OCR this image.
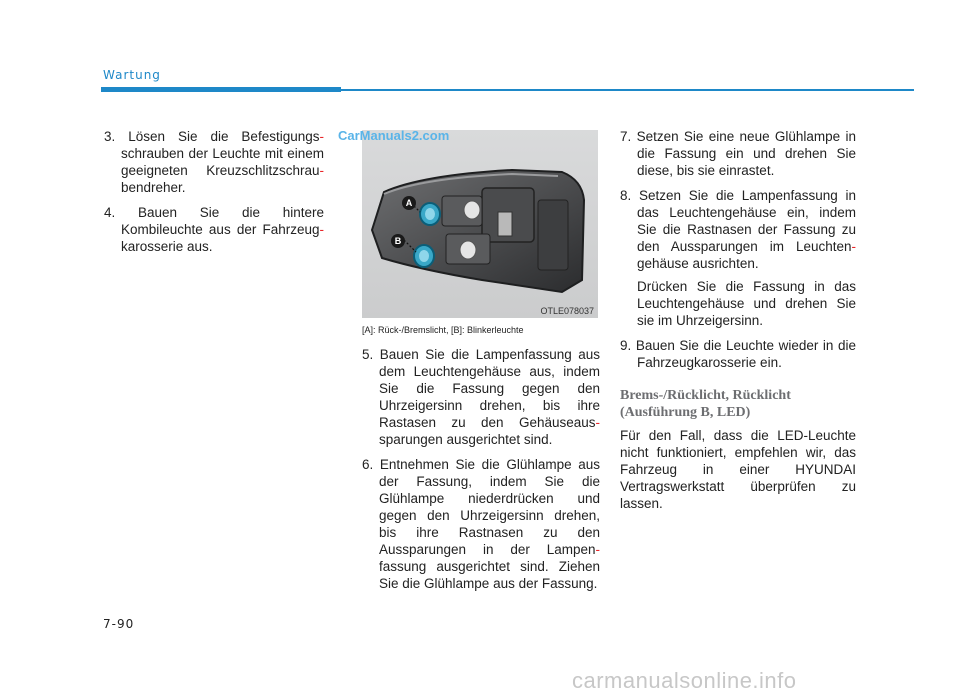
Wartung

3. Lösen Sie die Befestigungs-schrauben der Leuchte mit einem geeigneten Kreuzschlitzschrau-bendreher.

4. Bauen Sie die hintere Kombileuchte aus der Fahrzeug-karosserie aus.

A
B
OTLE078037
CarManuals2.com
[A]: Rück-/Bremslicht, [B]: Blinkerleuchte

5. Bauen Sie die Lampenfassung aus dem Leuchtengehäuse aus, indem Sie die Fassung gegen den Uhrzeigersinn drehen, bis ihre Rastasen zu den Gehäuseaus-sparungen ausgerichtet sind.

6. Entnehmen Sie die Glühlampe aus der Fassung, indem Sie die Glühlampe niederdrücken und gegen den Uhrzeigersinn drehen, bis ihre Rastnasen zu den Aussparungen in der Lampen-fassung ausgerichtet sind. Ziehen Sie die Glühlampe aus der Fassung.

7. Setzen Sie eine neue Glühlampe in die Fassung ein und drehen Sie diese, bis sie einrastet.

8. Setzen Sie die Lampenfassung in das Leuchtengehäuse ein, indem Sie die Rastnasen der Fassung zu den Aussparungen im Leuchten-gehäuse ausrichten.

Drücken Sie die Fassung in das Leuchtengehäuse und drehen Sie sie im Uhrzeigersinn.

9. Bauen Sie die Leuchte wieder in die Fahrzeugkarosserie ein.

Brems-/Rücklicht, Rücklicht
(Ausführung B, LED)

Für den Fall, dass die LED-Leuchte nicht funktioniert, empfehlen wir, das Fahrzeug in einer HYUNDAI Vertragswerkstatt überprüfen zu lassen.

7-90
carmanualsonline.info
